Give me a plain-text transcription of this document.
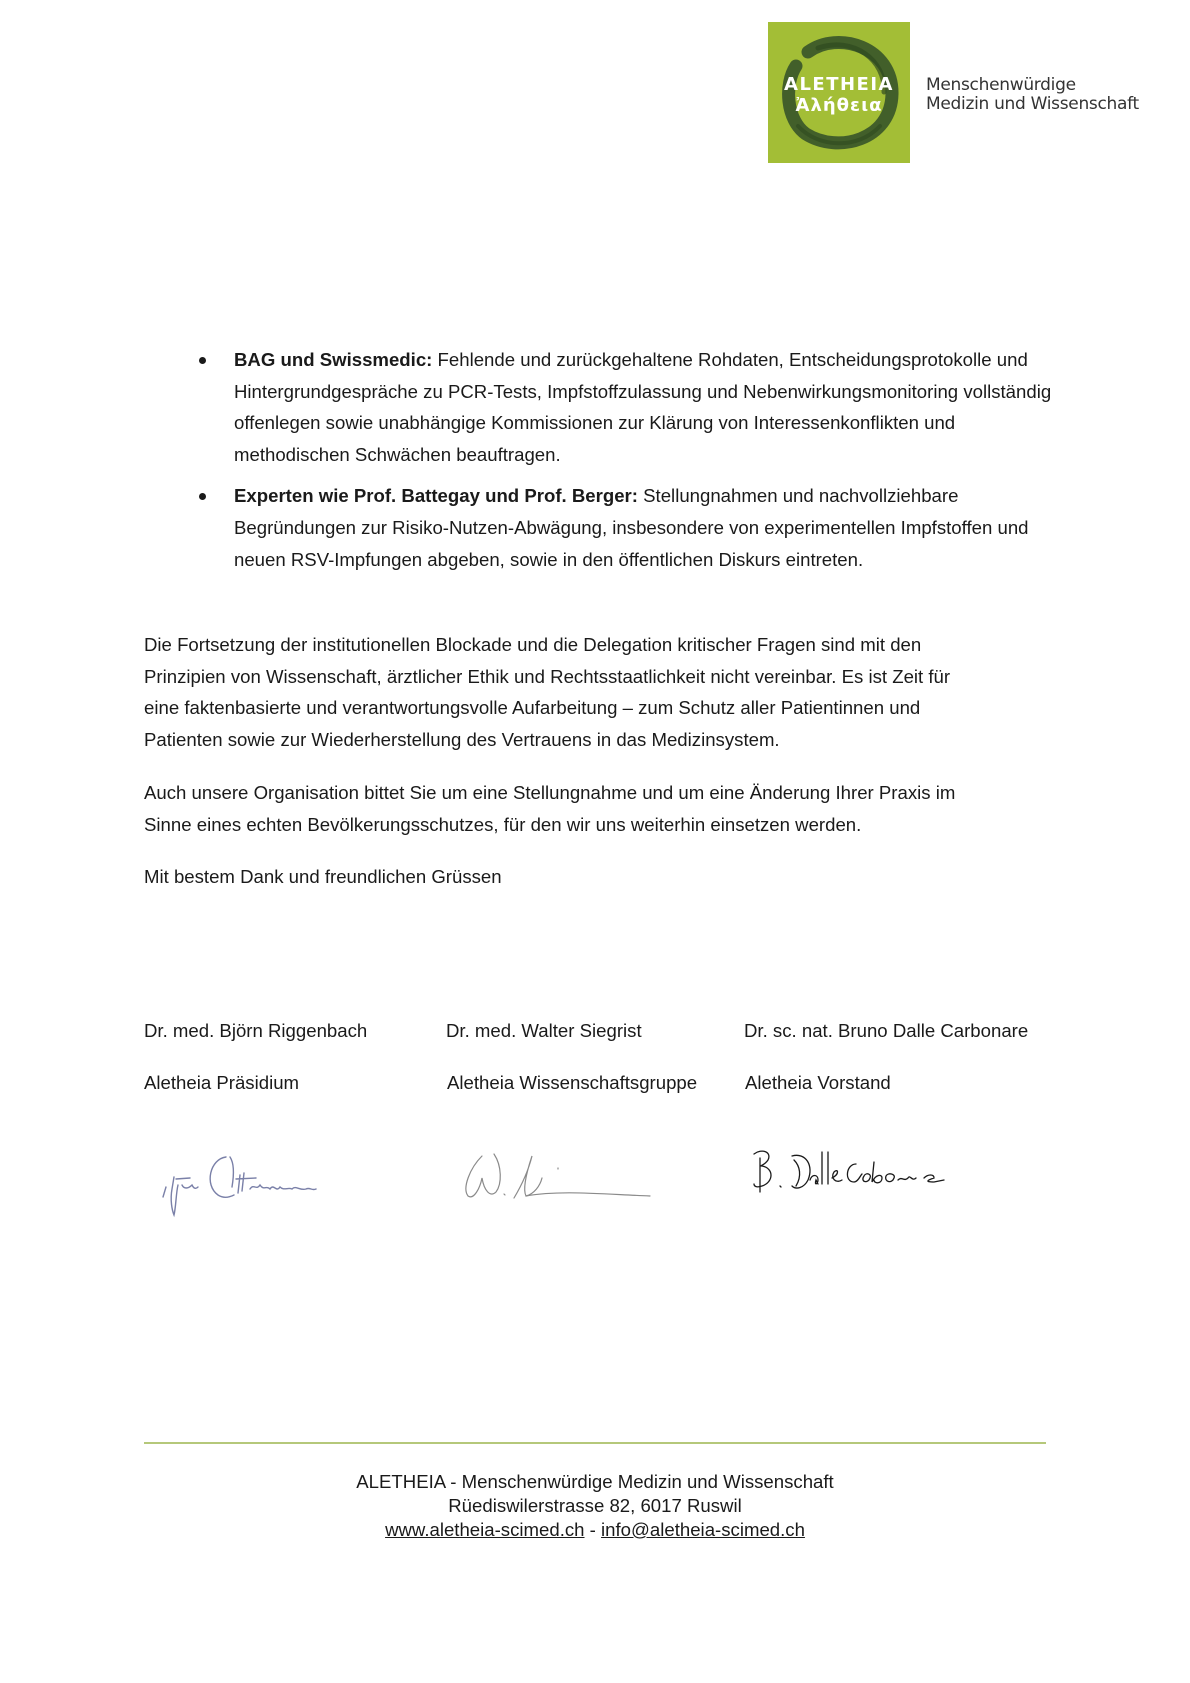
ALETHEIA
Ἀλήθεια
Menschenwürdige
Medizin und Wissenschaft
BAG und Swissmedic: Fehlende und zurückgehaltene Rohdaten, Entscheidungsprotokolle und Hintergrundgespräche zu PCR-Tests, Impfstoffzulassung und Nebenwirkungsmonitoring vollständig offenlegen sowie unabhängige Kommissionen zur Klärung von Interessenkonflikten und methodischen Schwächen beauftragen.
Experten wie Prof. Battegay und Prof. Berger: Stellungnahmen und nachvollziehbare Begründungen zur Risiko-Nutzen-Abwägung, insbesondere von experimentellen Impfstoffen und neuen RSV-Impfungen abgeben, sowie in den öffentlichen Diskurs eintreten.

Die Fortsetzung der institutionellen Blockade und die Delegation kritischer Fragen sind mit den
Prinzipien von Wissenschaft, ärztlicher Ethik und Rechtsstaatlichkeit nicht vereinbar. Es ist Zeit für
eine faktenbasierte und verantwortungsvolle Aufarbeitung – zum Schutz aller Patientinnen und
Patienten sowie zur Wiederherstellung des Vertrauens in das Medizinsystem.

Auch unsere Organisation bittet Sie um eine Stellungnahme und um eine Änderung Ihrer Praxis im
Sinne eines echten Bevölkerungsschutzes, für den wir uns weiterhin einsetzen werden.

Mit bestem Dank und freundlichen Grüssen

Dr. med. Björn Riggenbach	Dr. med. Walter Siegrist	Dr. sc. nat. Bruno Dalle Carbonare
Aletheia Präsidium	Aletheia Wissenschaftsgruppe	Aletheia Vorstand
ALETHEIA - Menschenwürdige Medizin und Wissenschaft
Rüediswilerstrasse 82, 6017 Ruswil
www.aletheia-scimed.ch - info@aletheia-scimed.ch
